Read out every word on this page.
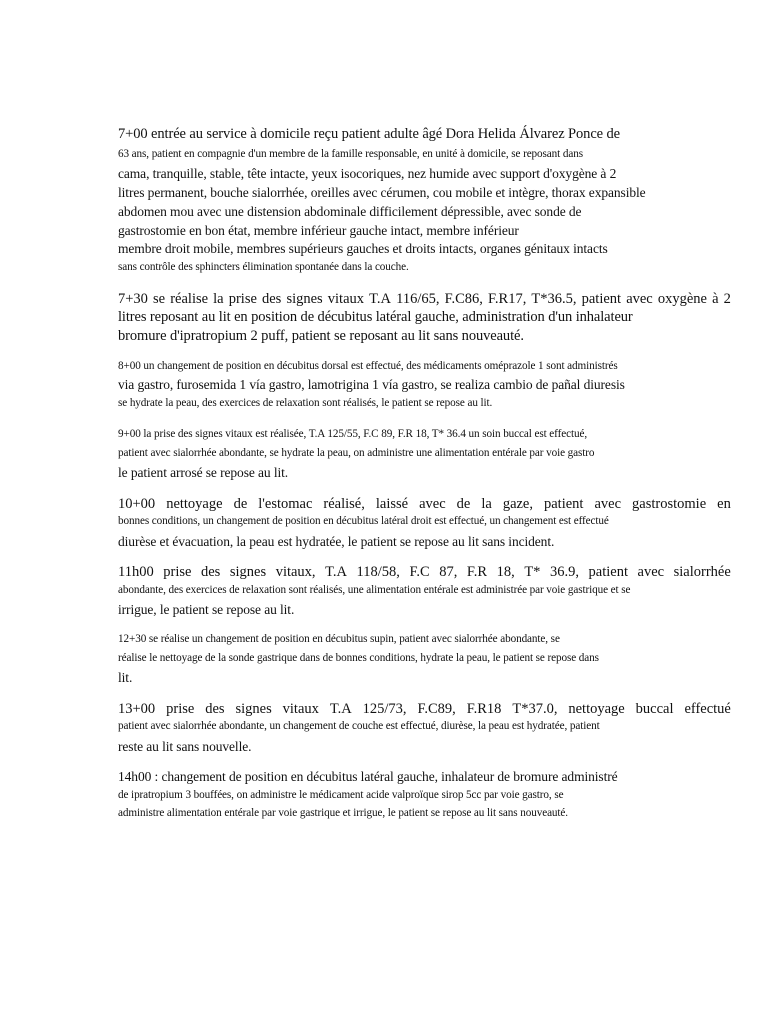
7+00 entrée au service à domicile reçu patient adulte âgé Dora Helida Álvarez Ponce de
63 ans, patient en compagnie d'un membre de la famille responsable, en unité à domicile, se reposant dans
cama, tranquille, stable, tête intacte, yeux isocoriques, nez humide avec support d'oxygène à 2
litres permanent, bouche sialorrhée, oreilles avec cérumen, cou mobile et intègre, thorax expansible
abdomen mou avec une distension abdominale difficilement dépressible, avec sonde de
gastrostomie en bon état, membre inférieur gauche intact, membre inférieur
membre droit mobile, membres supérieurs gauches et droits intacts, organes génitaux intacts
sans contrôle des sphincters élimination spontanée dans la couche.
7+30 se réalise la prise des signes vitaux T.A 116/65, F.C86, F.R17, T*36.5, patient avec oxygène à 2
litres reposant au lit en position de décubitus latéral gauche, administration d'un inhalateur
bromure d'ipratropium 2 puff, patient se reposant au lit sans nouveauté.
8+00 un changement de position en décubitus dorsal est effectué, des médicaments oméprazole 1 sont administrés
via gastro, furosemida 1 vía gastro, lamotrigina 1 vía gastro, se realiza cambio de pañal diuresis
se hydrate la peau, des exercices de relaxation sont réalisés, le patient se repose au lit.
9+00 la prise des signes vitaux est réalisée, T.A 125/55, F.C 89, F.R 18, T* 36.4 un soin buccal est effectué,
patient avec sialorrhée abondante, se hydrate la peau, on administre une alimentation entérale par voie gastro
le patient arrosé se repose au lit.
10+00 nettoyage de l'estomac réalisé, laissé avec de la gaze, patient avec gastrostomie en
bonnes conditions, un changement de position en décubitus latéral droit est effectué, un changement est effectué
diurèse et évacuation, la peau est hydratée, le patient se repose au lit sans incident.
11h00 prise des signes vitaux, T.A 118/58, F.C 87, F.R 18, T* 36.9, patient avec sialorrhée
abondante, des exercices de relaxation sont réalisés, une alimentation entérale est administrée par voie gastrique et se
irrigue, le patient se repose au lit.
12+30 se réalise un changement de position en décubitus supin, patient avec sialorrhée abondante, se
réalise le nettoyage de la sonde gastrique dans de bonnes conditions, hydrate la peau, le patient se repose dans
lit.
13+00 prise des signes vitaux T.A 125/73, F.C89, F.R18 T*37.0, nettoyage buccal effectué
patient avec sialorrhée abondante, un changement de couche est effectué, diurèse, la peau est hydratée, patient
reste au lit sans nouvelle.
14h00 : changement de position en décubitus latéral gauche, inhalateur de bromure administré
de ipratropium 3 bouffées, on administre le médicament acide valproïque sirop 5cc par voie gastro, se
administre alimentation entérale par voie gastrique et irrigue, le patient se repose au lit sans nouveauté.
